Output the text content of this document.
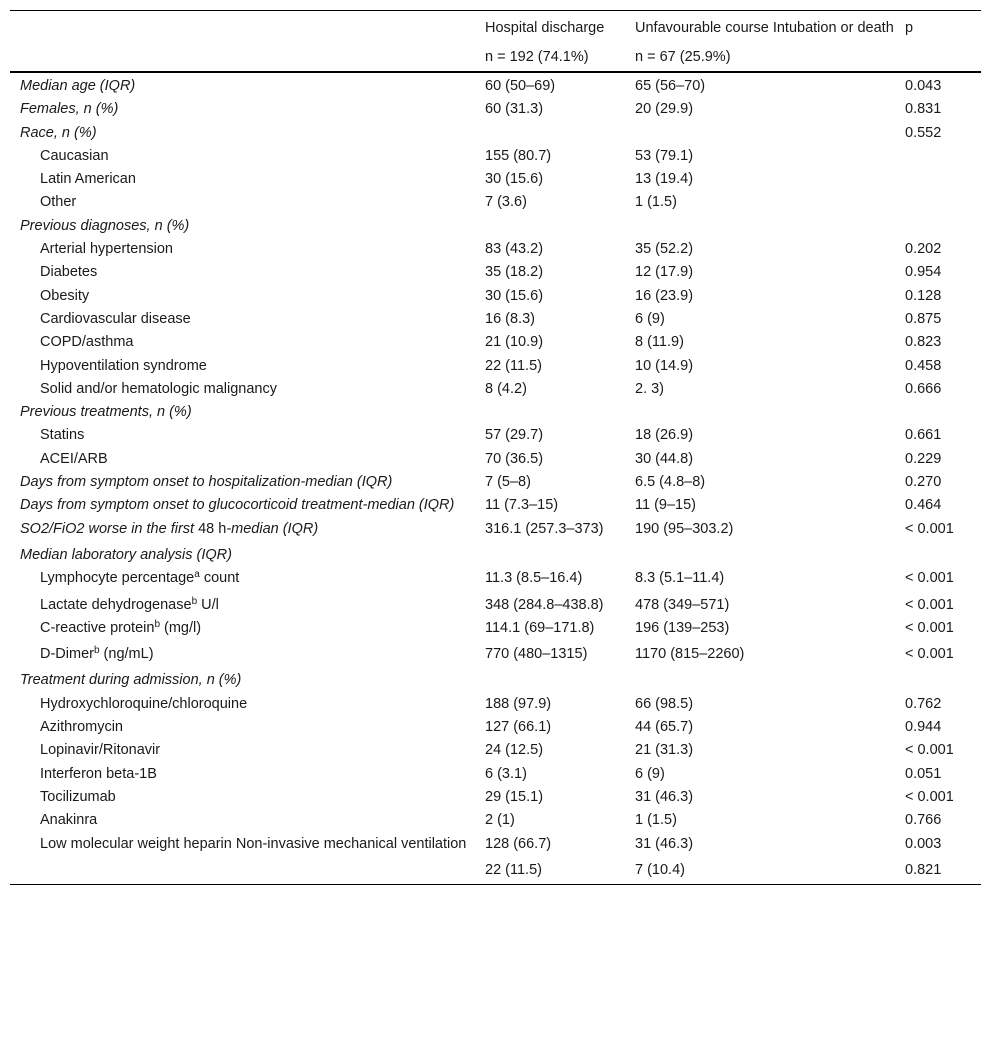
	Hospital discharge	Unfavourable course Intubation or death	p
	n = 192 (74.1%)	n = 67 (25.9%)	
Median age (IQR)	60 (50–69)	65 (56–70)	0.043
Females, n (%)	60 (31.3)	20 (29.9)	0.831
Race, n (%)			0.552
Caucasian	155 (80.7)	53 (79.1)	
Latin American	30 (15.6)	13 (19.4)	
Other	7 (3.6)	1 (1.5)	
Previous diagnoses, n (%)			
Arterial hypertension	83 (43.2)	35 (52.2)	0.202
Diabetes	35 (18.2)	12 (17.9)	0.954
Obesity	30 (15.6)	16 (23.9)	0.128
Cardiovascular disease	16 (8.3)	6 (9)	0.875
COPD/asthma	21 (10.9)	8 (11.9)	0.823
Hypoventilation syndrome	22 (11.5)	10 (14.9)	0.458
Solid and/or hematologic malignancy	8 (4.2)	2. 3)	0.666
Previous treatments, n (%)			
Statins	57 (29.7)	18 (26.9)	0.661
ACEI/ARB	70 (36.5)	30 (44.8)	0.229
Days from symptom onset to hospitalization-median (IQR)	7 (5–8)	6.5 (4.8–8)	0.270
Days from symptom onset to glucocorticoid treatment-median (IQR)	11 (7.3–15)	11 (9–15)	0.464
SO2/FiO2 worse in the first 48 h-median (IQR)	316.1 (257.3–373)	190 (95–303.2)	< 0.001
Median laboratory analysis (IQR)			
Lymphocyte percentage$^a$ count	11.3 (8.5–16.4)	8.3 (5.1–11.4)	< 0.001
Lactate dehydrogenase$^b$ U/l	348 (284.8–438.8)	478 (349–571)	< 0.001
C-reactive protein$^b$ (mg/l)	114.1 (69–171.8)	196 (139–253)	< 0.001
D-Dimer$^b$ (ng/mL)	770 (480–1315)	1170 (815–2260)	< 0.001
Treatment during admission, n (%)			
Hydroxychloroquine/chloroquine	188 (97.9)	66 (98.5)	0.762
Azithromycin	127 (66.1)	44 (65.7)	0.944
Lopinavir/Ritonavir	24 (12.5)	21 (31.3)	< 0.001
Interferon beta-1B	6 (3.1)	6 (9)	0.051
Tocilizumab	29 (15.1)	31 (46.3)	< 0.001
Anakinra	2 (1)	1 (1.5)	0.766
Low molecular weight heparin Non-invasive mechanical ventilation	128 (66.7)	31 (46.3)	0.003
	22 (11.5)	7 (10.4)	0.821
